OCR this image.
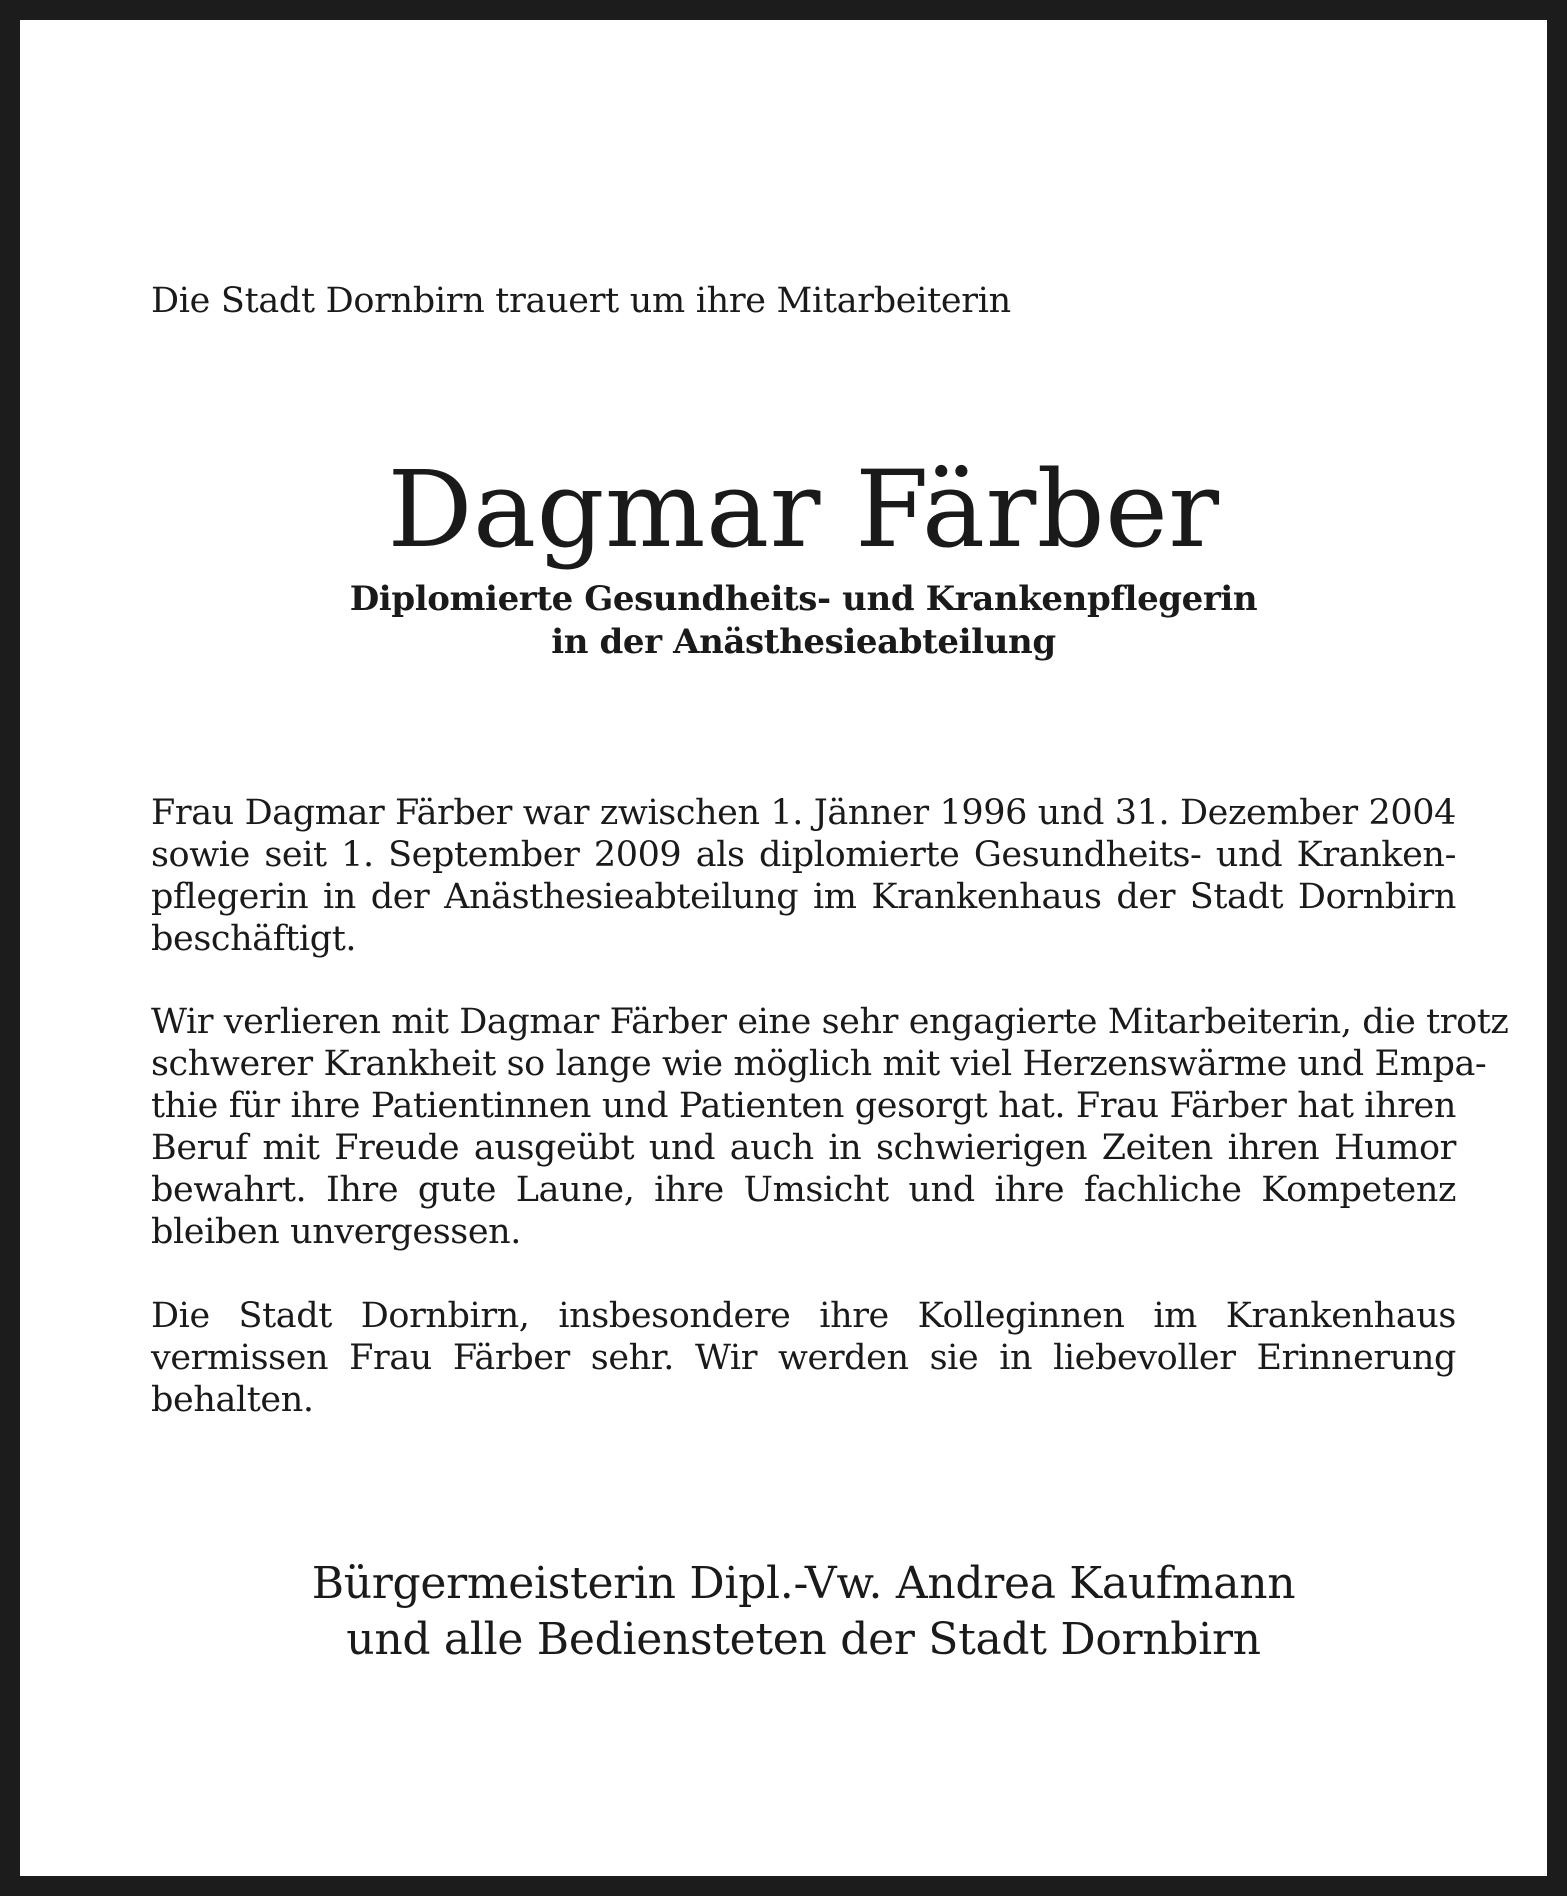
Die Stadt Dornbirn trauert um ihre Mitarbeiterin
Dagmar Färber
Diplomierte Gesundheits- und Krankenpflegerin
in der Anästhesieabteilung
Frau Dagmar Färber war zwischen 1. Jänner 1996 und 31. Dezember 2004
sowie seit 1. September 2009 als diplomierte Gesundheits- und Kranken-
pflegerin in der Anästhesieabteilung im Krankenhaus der Stadt Dornbirn
beschäftigt.
Wir verlieren mit Dagmar Färber eine sehr engagierte Mitarbeiterin, die trotz
schwerer Krankheit so lange wie möglich mit viel Herzenswärme und Empa-
thie für ihre Patientinnen und Patienten gesorgt hat. Frau Färber hat ihren
Beruf mit Freude ausgeübt und auch in schwierigen Zeiten ihren Humor
bewahrt. Ihre gute Laune, ihre Umsicht und ihre fachliche Kompetenz
bleiben unvergessen.
Die Stadt Dornbirn, insbesondere ihre Kolleginnen im Krankenhaus
vermissen Frau Färber sehr. Wir werden sie in liebevoller Erinnerung
behalten.
Bürgermeisterin Dipl.-Vw. Andrea Kaufmann
und alle Bediensteten der Stadt Dornbirn
